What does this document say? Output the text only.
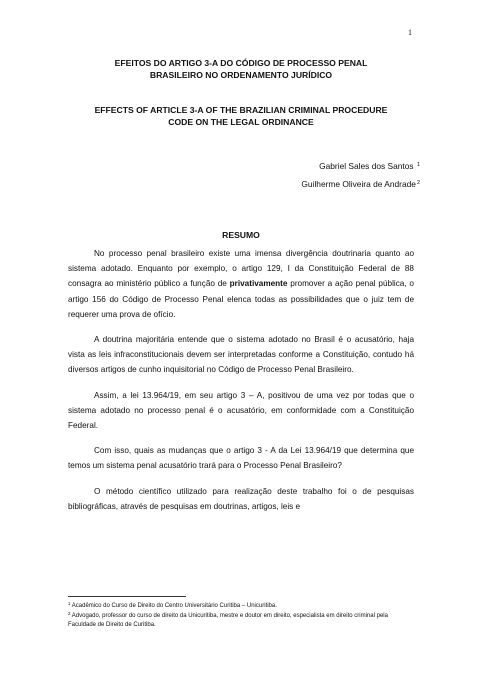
1
EFEITOS DO ARTIGO 3-A DO CÓDIGO DE PROCESSO PENAL
BRASILEIRO NO ORDENAMENTO JURÍDICO
EFFECTS OF ARTICLE 3-A OF THE BRAZILIAN CRIMINAL PROCEDURE
CODE ON THE LEGAL ORDINANCE
Gabriel Sales dos Santos $^1$
Guilherme Oliveira de Andrade$^2$
RESUMO

No processo penal brasileiro existe uma imensa divergência doutrinaria quanto ao sistema adotado. Enquanto por exemplo, o artigo 129, I da Constituição Federal de 88 consagra ao ministério público a função de privativamente promover a ação penal pública, o artigo 156 do Código de Processo Penal elenca todas as possibilidades que o juiz tem de requerer uma prova de ofício.

A doutrina majoritária entende que o sistema adotado no Brasil é o acusatório, haja vista as leis infraconstitucionais devem ser interpretadas conforme a Constituição, contudo há diversos artigos de cunho inquisitorial no Código de Processo Penal Brasileiro.

Assim, a lei 13.964/19, em seu artigo 3 – A, positivou de uma vez por todas que o sistema adotado no processo penal é o acusatório, em conformidade com a Constituição Federal.

Com isso, quais as mudanças que o artigo 3 - A da Lei 13.964/19 que determina que temos um sistema penal acusatório trará para o Processo Penal Brasileiro?

O método científico utilizado para realização deste trabalho foi o de pesquisas bibliográficas, através de pesquisas em doutrinas, artigos, leis e

$^1$ Acadêmico do Curso de Direito do Centro Universitário Curitiba – Unicuritiba.
$^2$ Advogado, professor do curso de direito da Unicuritiba, mestre e doutor em direito, especialista em direito criminal pela Faculdade de Direito de Curitiba.
